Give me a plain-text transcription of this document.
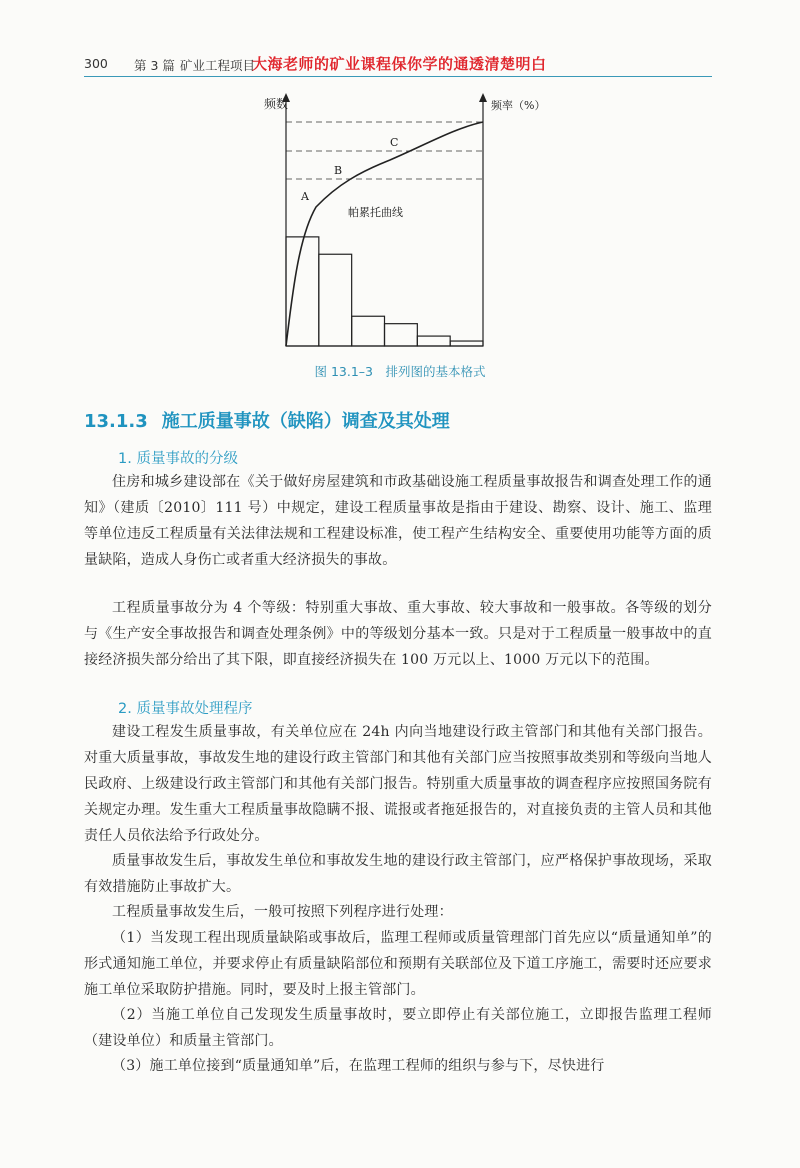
300 第 3 篇 矿业工程项目
大海老师的矿业课程保你学的通透清楚明白
频数	频率（%）
帕累托曲线
A
B
C
图 13.1–3　排列图的基本格式
13.1.3 施工质量事故（缺陷）调查及其处理
1. 质量事故的分级
住房和城乡建设部在《关于做好房屋建筑和市政基础设施工程质量事故报告和调查处理工作的通知》（建质〔2010〕111 号）中规定，建设工程质量事故是指由于建设、勘察、设计、施工、监理等单位违反工程质量有关法律法规和工程建设标准，使工程产生结构安全、重要使用功能等方面的质量缺陷，造成人身伤亡或者重大经济损失的事故。
工程质量事故分为 4 个等级：特别重大事故、重大事故、较大事故和一般事故。各等级的划分与《生产安全事故报告和调查处理条例》中的等级划分基本一致。只是对于工程质量一般事故中的直接经济损失部分给出了其下限，即直接经济损失在 100 万元以上、1000 万元以下的范围。
2. 质量事故处理程序
建设工程发生质量事故，有关单位应在 24h 内向当地建设行政主管部门和其他有关部门报告。对重大质量事故，事故发生地的建设行政主管部门和其他有关部门应当按照事故类别和等级向当地人民政府、上级建设行政主管部门和其他有关部门报告。特别重大质量事故的调查程序应按照国务院有关规定办理。发生重大工程质量事故隐瞒不报、谎报或者拖延报告的，对直接负责的主管人员和其他责任人员依法给予行政处分。
质量事故发生后，事故发生单位和事故发生地的建设行政主管部门，应严格保护事故现场，采取有效措施防止事故扩大。
工程质量事故发生后，一般可按照下列程序进行处理：
（1）当发现工程出现质量缺陷或事故后，监理工程师或质量管理部门首先应以“质量通知单”的形式通知施工单位，并要求停止有质量缺陷部位和预期有关联部位及下道工序施工，需要时还应要求施工单位采取防护措施。同时，要及时上报主管部门。
（2）当施工单位自己发现发生质量事故时，要立即停止有关部位施工，立即报告监理工程师（建设单位）和质量主管部门。
（3）施工单位接到“质量通知单”后，在监理工程师的组织与参与下，尽快进行
